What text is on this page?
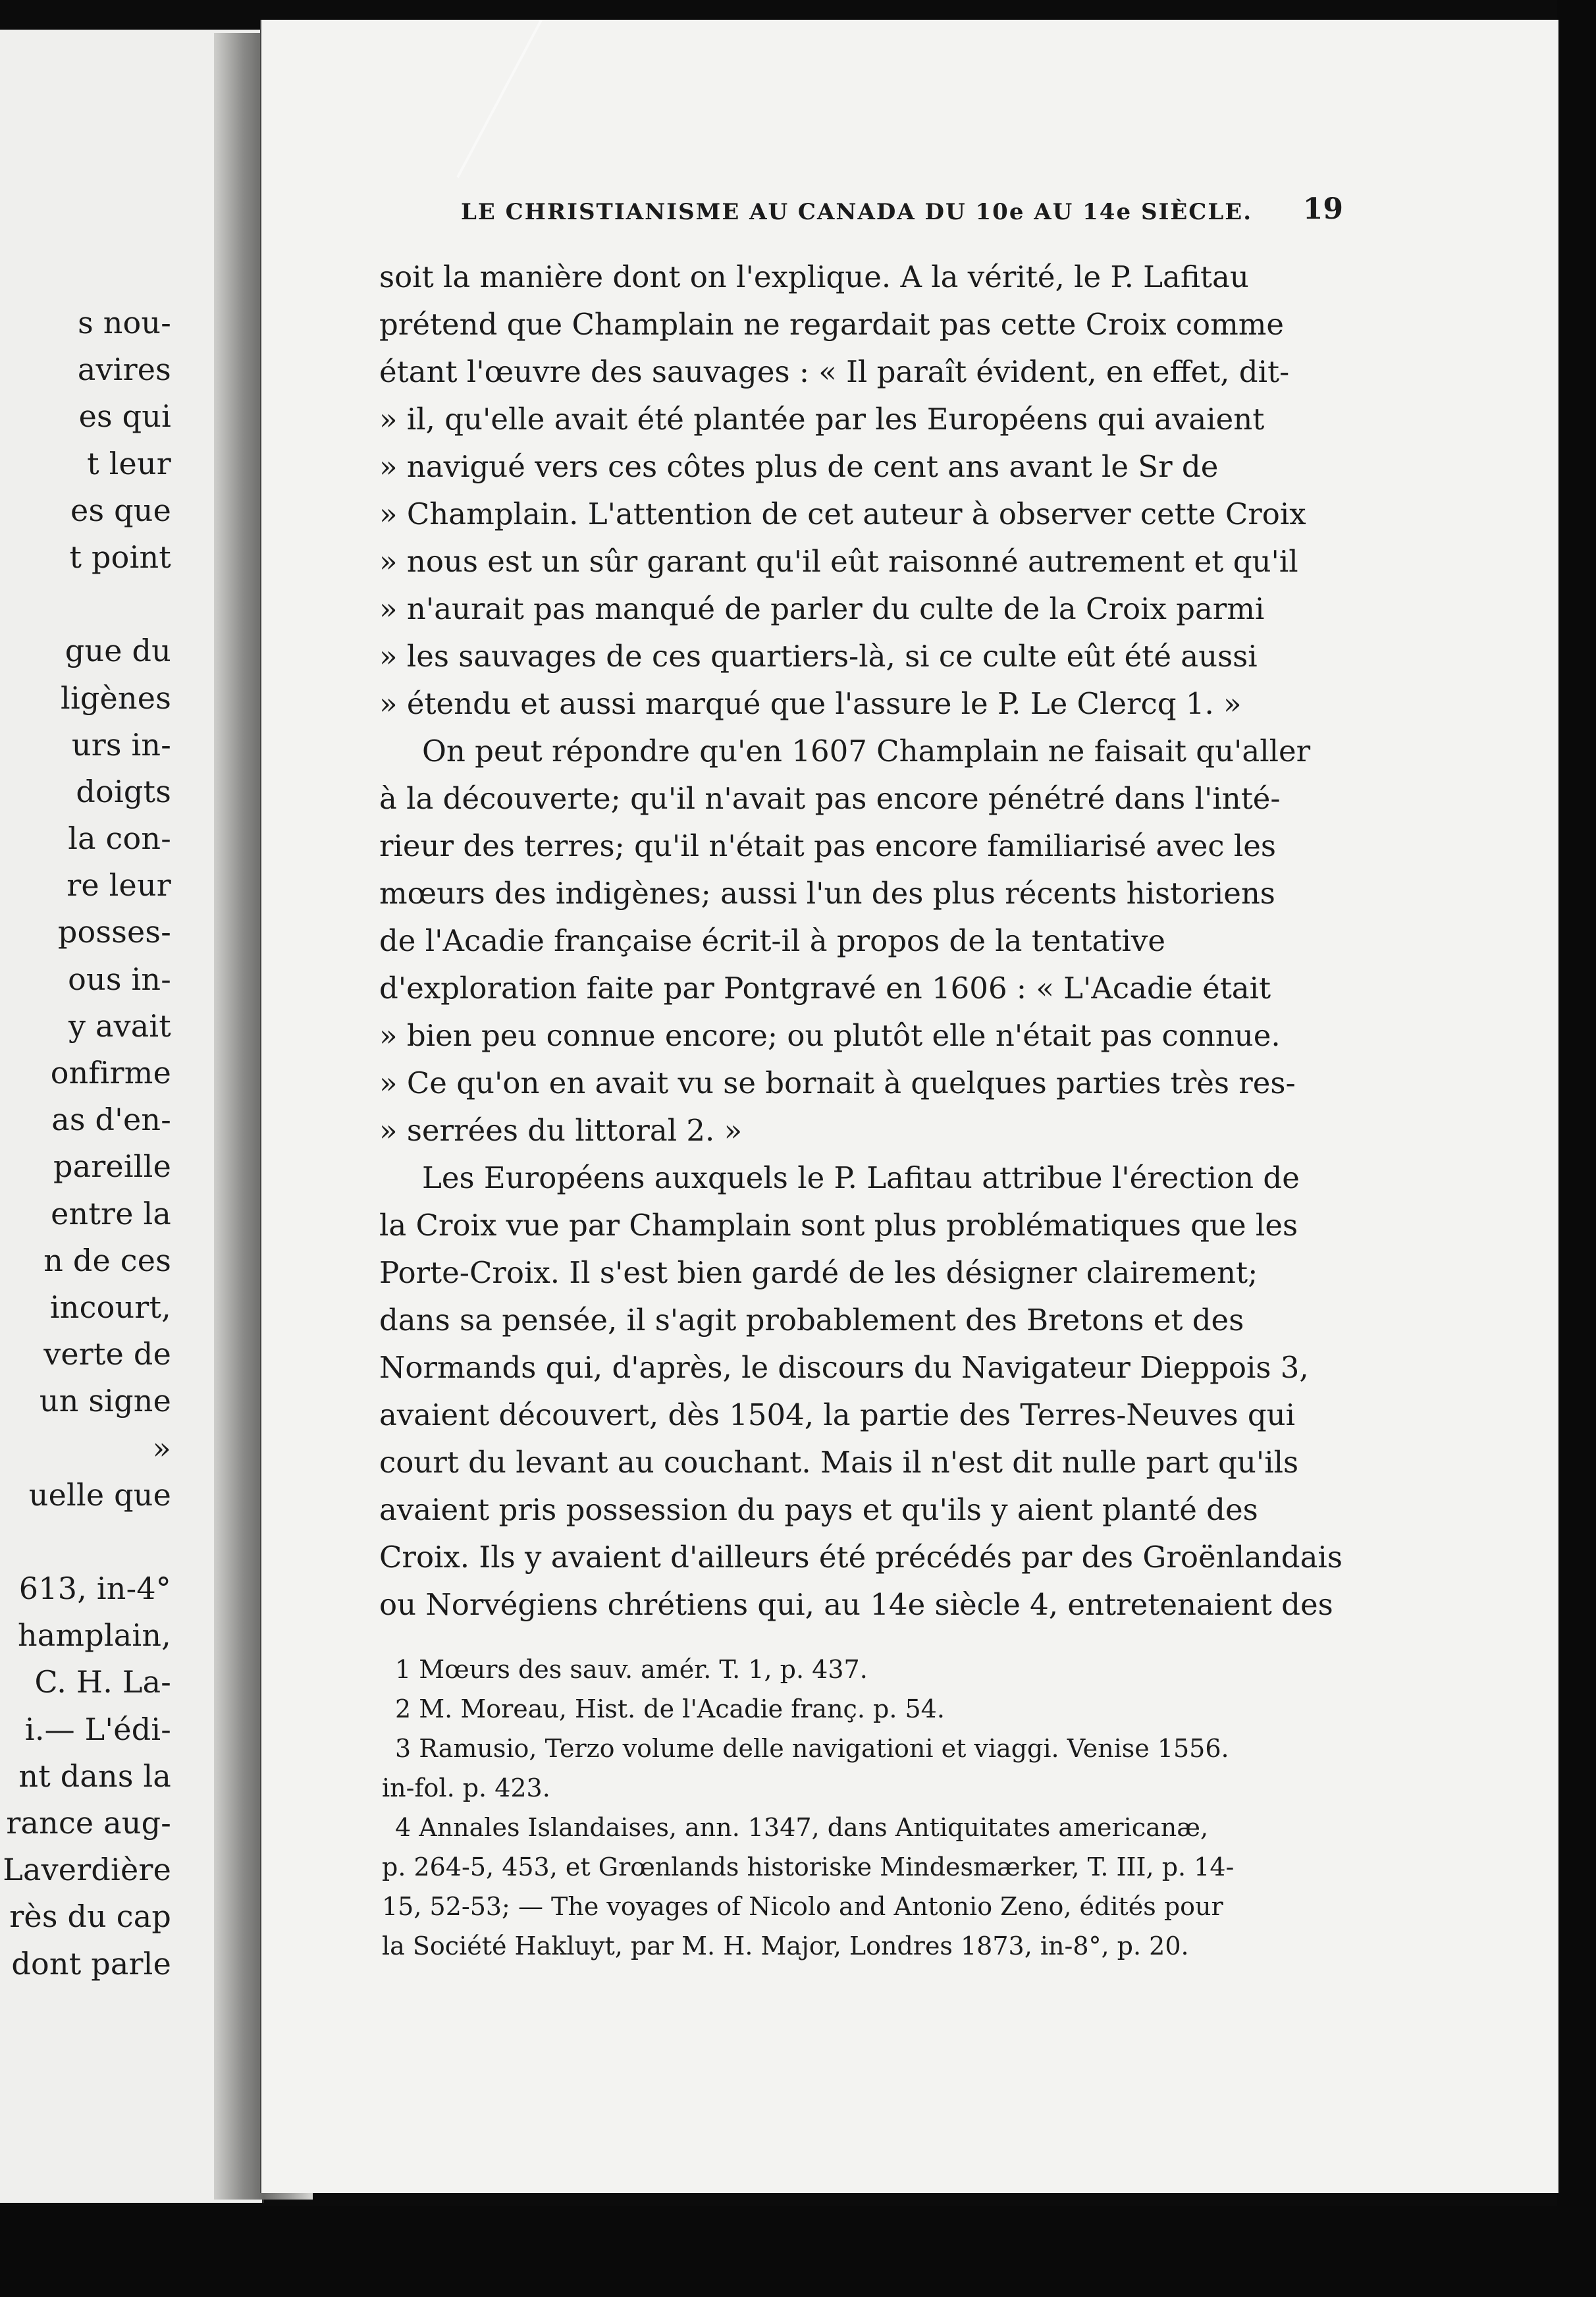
s nou-
avires
es qui
t leur
es que
t point
gue du
ligènes
urs in-
doigts
la con-
re leur
posses-
ous in-
y avait
onfirme
as d'en-
pareille
entre la
n de ces
incourt,
verte de
un signe
»
uelle que
613, in-4°
hamplain,
C. H. La-
i.— L'édi-
nt dans la
rance aug-
Laverdière
rès du cap
dont parle
LE CHRISTIANISME AU CANADA DU 10e AU 14e SIÈCLE. 19
soit la manière dont on l'explique. A la vérité, le P. Lafitau
prétend que Champlain ne regardait pas cette Croix comme
étant l'œuvre des sauvages : « Il paraît évident, en effet, dit-
» il, qu'elle avait été plantée par les Européens qui avaient
» navigué vers ces côtes plus de cent ans avant le Sr de
» Champlain. L'attention de cet auteur à observer cette Croix
» nous est un sûr garant qu'il eût raisonné autrement et qu'il
» n'aurait pas manqué de parler du culte de la Croix parmi
» les sauvages de ces quartiers-là, si ce culte eût été aussi
» étendu et aussi marqué que l'assure le P. Le Clercq 1. »
On peut répondre qu'en 1607 Champlain ne faisait qu'aller
à la découverte; qu'il n'avait pas encore pénétré dans l'inté-
rieur des terres; qu'il n'était pas encore familiarisé avec les
mœurs des indigènes; aussi l'un des plus récents historiens
de l'Acadie française écrit-il à propos de la tentative
d'exploration faite par Pontgravé en 1606 : « L'Acadie était
» bien peu connue encore; ou plutôt elle n'était pas connue.
» Ce qu'on en avait vu se bornait à quelques parties très res-
» serrées du littoral 2. »
Les Européens auxquels le P. Lafitau attribue l'érection de
la Croix vue par Champlain sont plus problématiques que les
Porte-Croix. Il s'est bien gardé de les désigner clairement;
dans sa pensée, il s'agit probablement des Bretons et des
Normands qui, d'après, le discours du Navigateur Dieppois 3,
avaient découvert, dès 1504, la partie des Terres-Neuves qui
court du levant au couchant. Mais il n'est dit nulle part qu'ils
avaient pris possession du pays et qu'ils y aient planté des
Croix. Ils y avaient d'ailleurs été précédés par des Groënlandais
ou Norvégiens chrétiens qui, au 14e siècle 4, entretenaient des
1 Mœurs des sauv. amér. T. 1, p. 437.
2 M. Moreau, Hist. de l'Acadie franç. p. 54.
3 Ramusio, Terzo volume delle navigationi et viaggi. Venise 1556.
in-fol. p. 423.
4 Annales Islandaises, ann. 1347, dans Antiquitates americanæ,
p. 264-5, 453, et Grœnlands historiske Mindesmærker, T. III, p. 14-
15, 52-53; — The voyages of Nicolo and Antonio Zeno, édités pour
la Société Hakluyt, par M. H. Major, Londres 1873, in-8°, p. 20.
